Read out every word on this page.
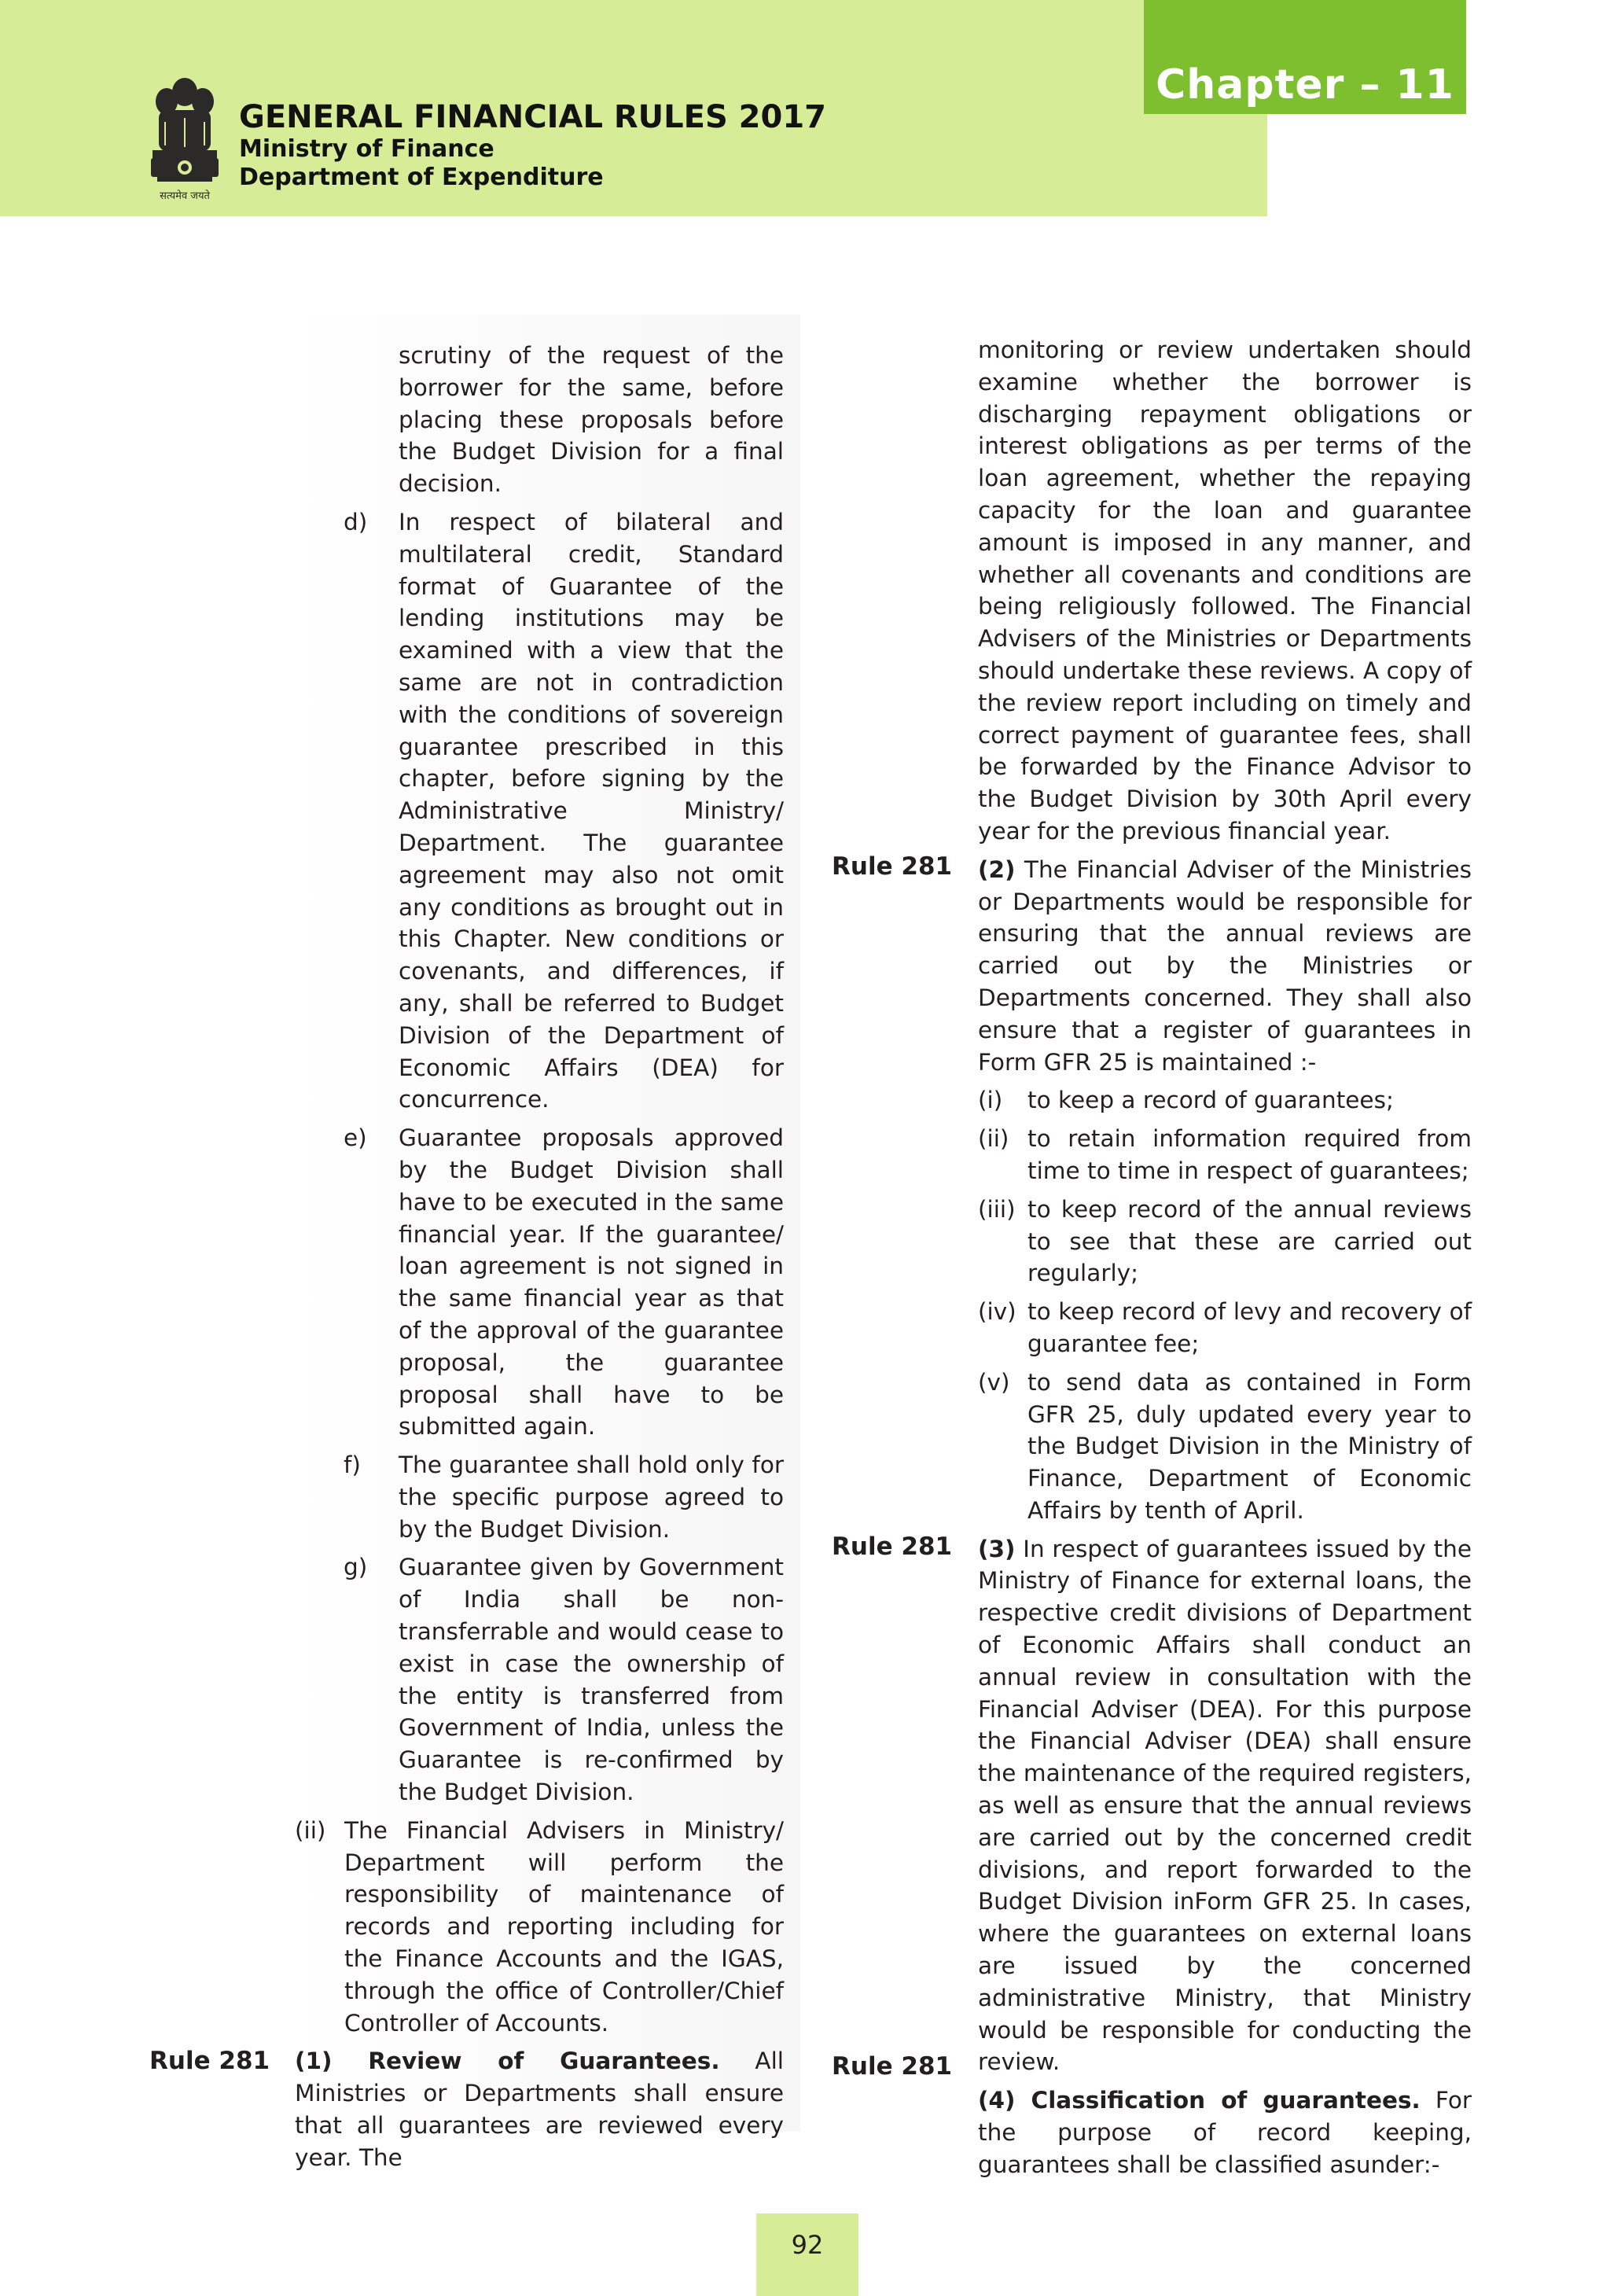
Chapter – 11
सत्यमेव जयते

GENERAL FINANCIAL RULES 2017

Ministry of Finance

Department of Expenditure

scrutiny of the request of the borrower for the same, before placing these proposals before the Budget Division for a final decision.

d) In respect of bilateral and multilateral credit, Standard format of Guarantee of the lending institutions may be examined with a view that the same are not in contradiction with the conditions of sovereign guarantee prescribed in this chapter, before signing by the Administrative Ministry/ Department. The guarantee agreement may also not omit any conditions as brought out in this Chapter. New conditions or covenants, and differences, if any, shall be referred to Budget Division of the Department of Economic Affairs (DEA) for concurrence.

e) Guarantee proposals approved by the Budget Division shall have to be executed in the same financial year. If the guarantee/ loan agreement is not signed in the same financial year as that of the approval of the guarantee proposal, the guarantee proposal shall have to be submitted again.

f) The guarantee shall hold only for the specific purpose agreed to by the Budget Division.

g) Guarantee given by Government of India shall be non-transferrable and would cease to exist in case the ownership of the entity is transferred from Government of India, unless the Guarantee is re-confirmed by the Budget Division.

(ii) The Financial Advisers in Ministry/ Department will perform the responsibility of maintenance of records and reporting including for the Finance Accounts and the IGAS, through the office of Controller/Chief Controller of Accounts.

(1) Review of Guarantees. All Ministries or Departments shall ensure that all guarantees are reviewed every year. The

Rule 281

monitoring or review undertaken should examine whether the borrower is discharging repayment obligations or interest obligations as per terms of the loan agreement, whether the repaying capacity for the loan and guarantee amount is imposed in any manner, and whether all covenants and conditions are being religiously followed. The Financial Advisers of the Ministries or Departments should undertake these reviews. A copy of the review report including on timely and correct payment of guarantee fees, shall be forwarded by the Finance Advisor to the Budget Division by 30th April every year for the previous financial year.

(2) The Financial Adviser of the Ministries or Departments would be responsible for ensuring that the annual reviews are carried out by the Ministries or Departments concerned. They shall also ensure that a register of guarantees in Form GFR 25 is maintained :-

(i) to keep a record of guarantees;

(ii) to retain information required from time to time in respect of guarantees;

(iii) to keep record of the annual reviews to see that these are carried out regularly;

(iv) to keep record of levy and recovery of guarantee fee;

(v) to send data as contained in Form GFR 25, duly updated every year to the Budget Division in the Ministry of Finance, Department of Economic Affairs by tenth of April.

(3) In respect of guarantees issued by the Ministry of Finance for external loans, the respective credit divisions of Department of Economic Affairs shall conduct an annual review in consultation with the Financial Adviser (DEA). For this purpose the Financial Adviser (DEA) shall ensure the maintenance of the required registers, as well as ensure that the annual reviews are carried out by the concerned credit divisions, and report forwarded to the Budget Division inForm GFR 25. In cases, where the guarantees on external loans are issued by the concerned administrative Ministry, that Ministry would be responsible for conducting the review.

(4) Classification of guarantees. For the purpose of record keeping, guarantees shall be classified asunder:-

Rule 281
Rule 281
Rule 281
92
